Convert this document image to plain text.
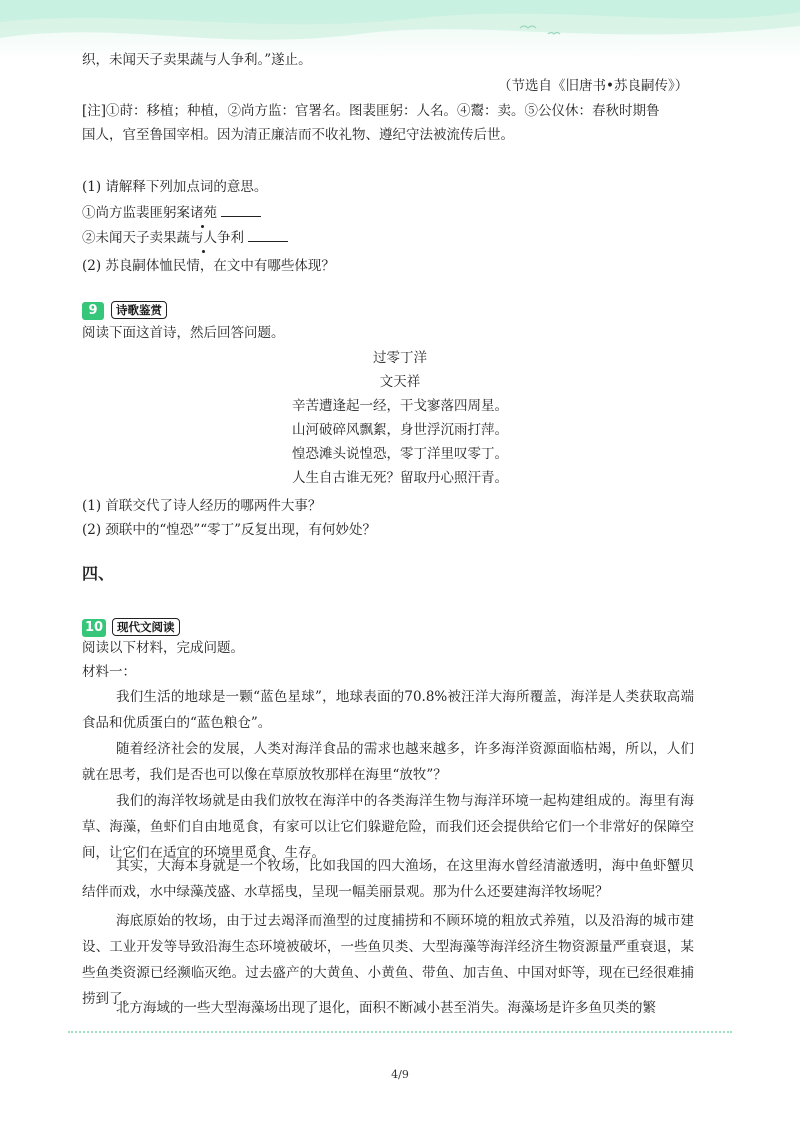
织，未闻天子卖果蔬与人争利。”遂止。
（节选自《旧唐书•苏良嗣传》）
[注]①莳：移植；种植，②尚方监：官署名。图裴匪躬：人名。④鬻：卖。⑤公仪休：春秋时期鲁
国人，官至鲁国宰相。因为清正廉洁而不收礼物、遵纪守法被流传后世。
(1) 请解释下列加点词的意思。
①尚方监裴匪躬案诸苑
②未闻天子卖果蔬与人争利
(2) 苏良嗣体恤民情，在文中有哪些体现？
9	诗歌鉴赏
阅读下面这首诗，然后回答问题。
过零丁洋
文天祥
辛苦遭逢起一经，干戈寥落四周星。
山河破碎风飘絮，身世浮沉雨打萍。
惶恐滩头说惶恐，零丁洋里叹零丁。
人生自古谁无死？留取丹心照汗青。
(1) 首联交代了诗人经历的哪两件大事？
(2) 颈联中的“惶恐”“零丁”反复出现，有何妙处？
四、
10	现代文阅读
阅读以下材料，完成问题。
材料一：
我们生活的地球是一颗“蓝色星球”，地球表面的70.8%被汪洋大海所覆盖，海洋是人类获取高端食品和优质蛋白的“蓝色粮仓”。
随着经济社会的发展，人类对海洋食品的需求也越来越多，许多海洋资源面临枯竭，所以，人们就在思考，我们是否也可以像在草原放牧那样在海里“放牧”？
我们的海洋牧场就是由我们放牧在海洋中的各类海洋生物与海洋环境一起构建组成的。海里有海草、海藻，鱼虾们自由地觅食，有家可以让它们躲避危险，而我们还会提供给它们一个非常好的保障空间，让它们在适宜的环境里觅食、生存。
其实，大海本身就是一个牧场，比如我国的四大渔场，在这里海水曾经清澈透明，海中鱼虾蟹贝结伴而戏，水中绿藻茂盛、水草摇曳，呈现一幅美丽景观。那为什么还要建海洋牧场呢？
海底原始的牧场，由于过去竭泽而渔型的过度捕捞和不顾环境的粗放式养殖，以及沿海的城市建设、工业开发等导致沿海生态环境被破坏，一些鱼贝类、大型海藻等海洋经济生物资源量严重衰退，某些鱼类资源已经濒临灭绝。过去盛产的大黄鱼、小黄鱼、带鱼、加吉鱼、中国对虾等，现在已经很难捕捞到了。
北方海域的一些大型海藻场出现了退化，面积不断减小甚至消失。海藻场是许多鱼贝类的繁
4/9
